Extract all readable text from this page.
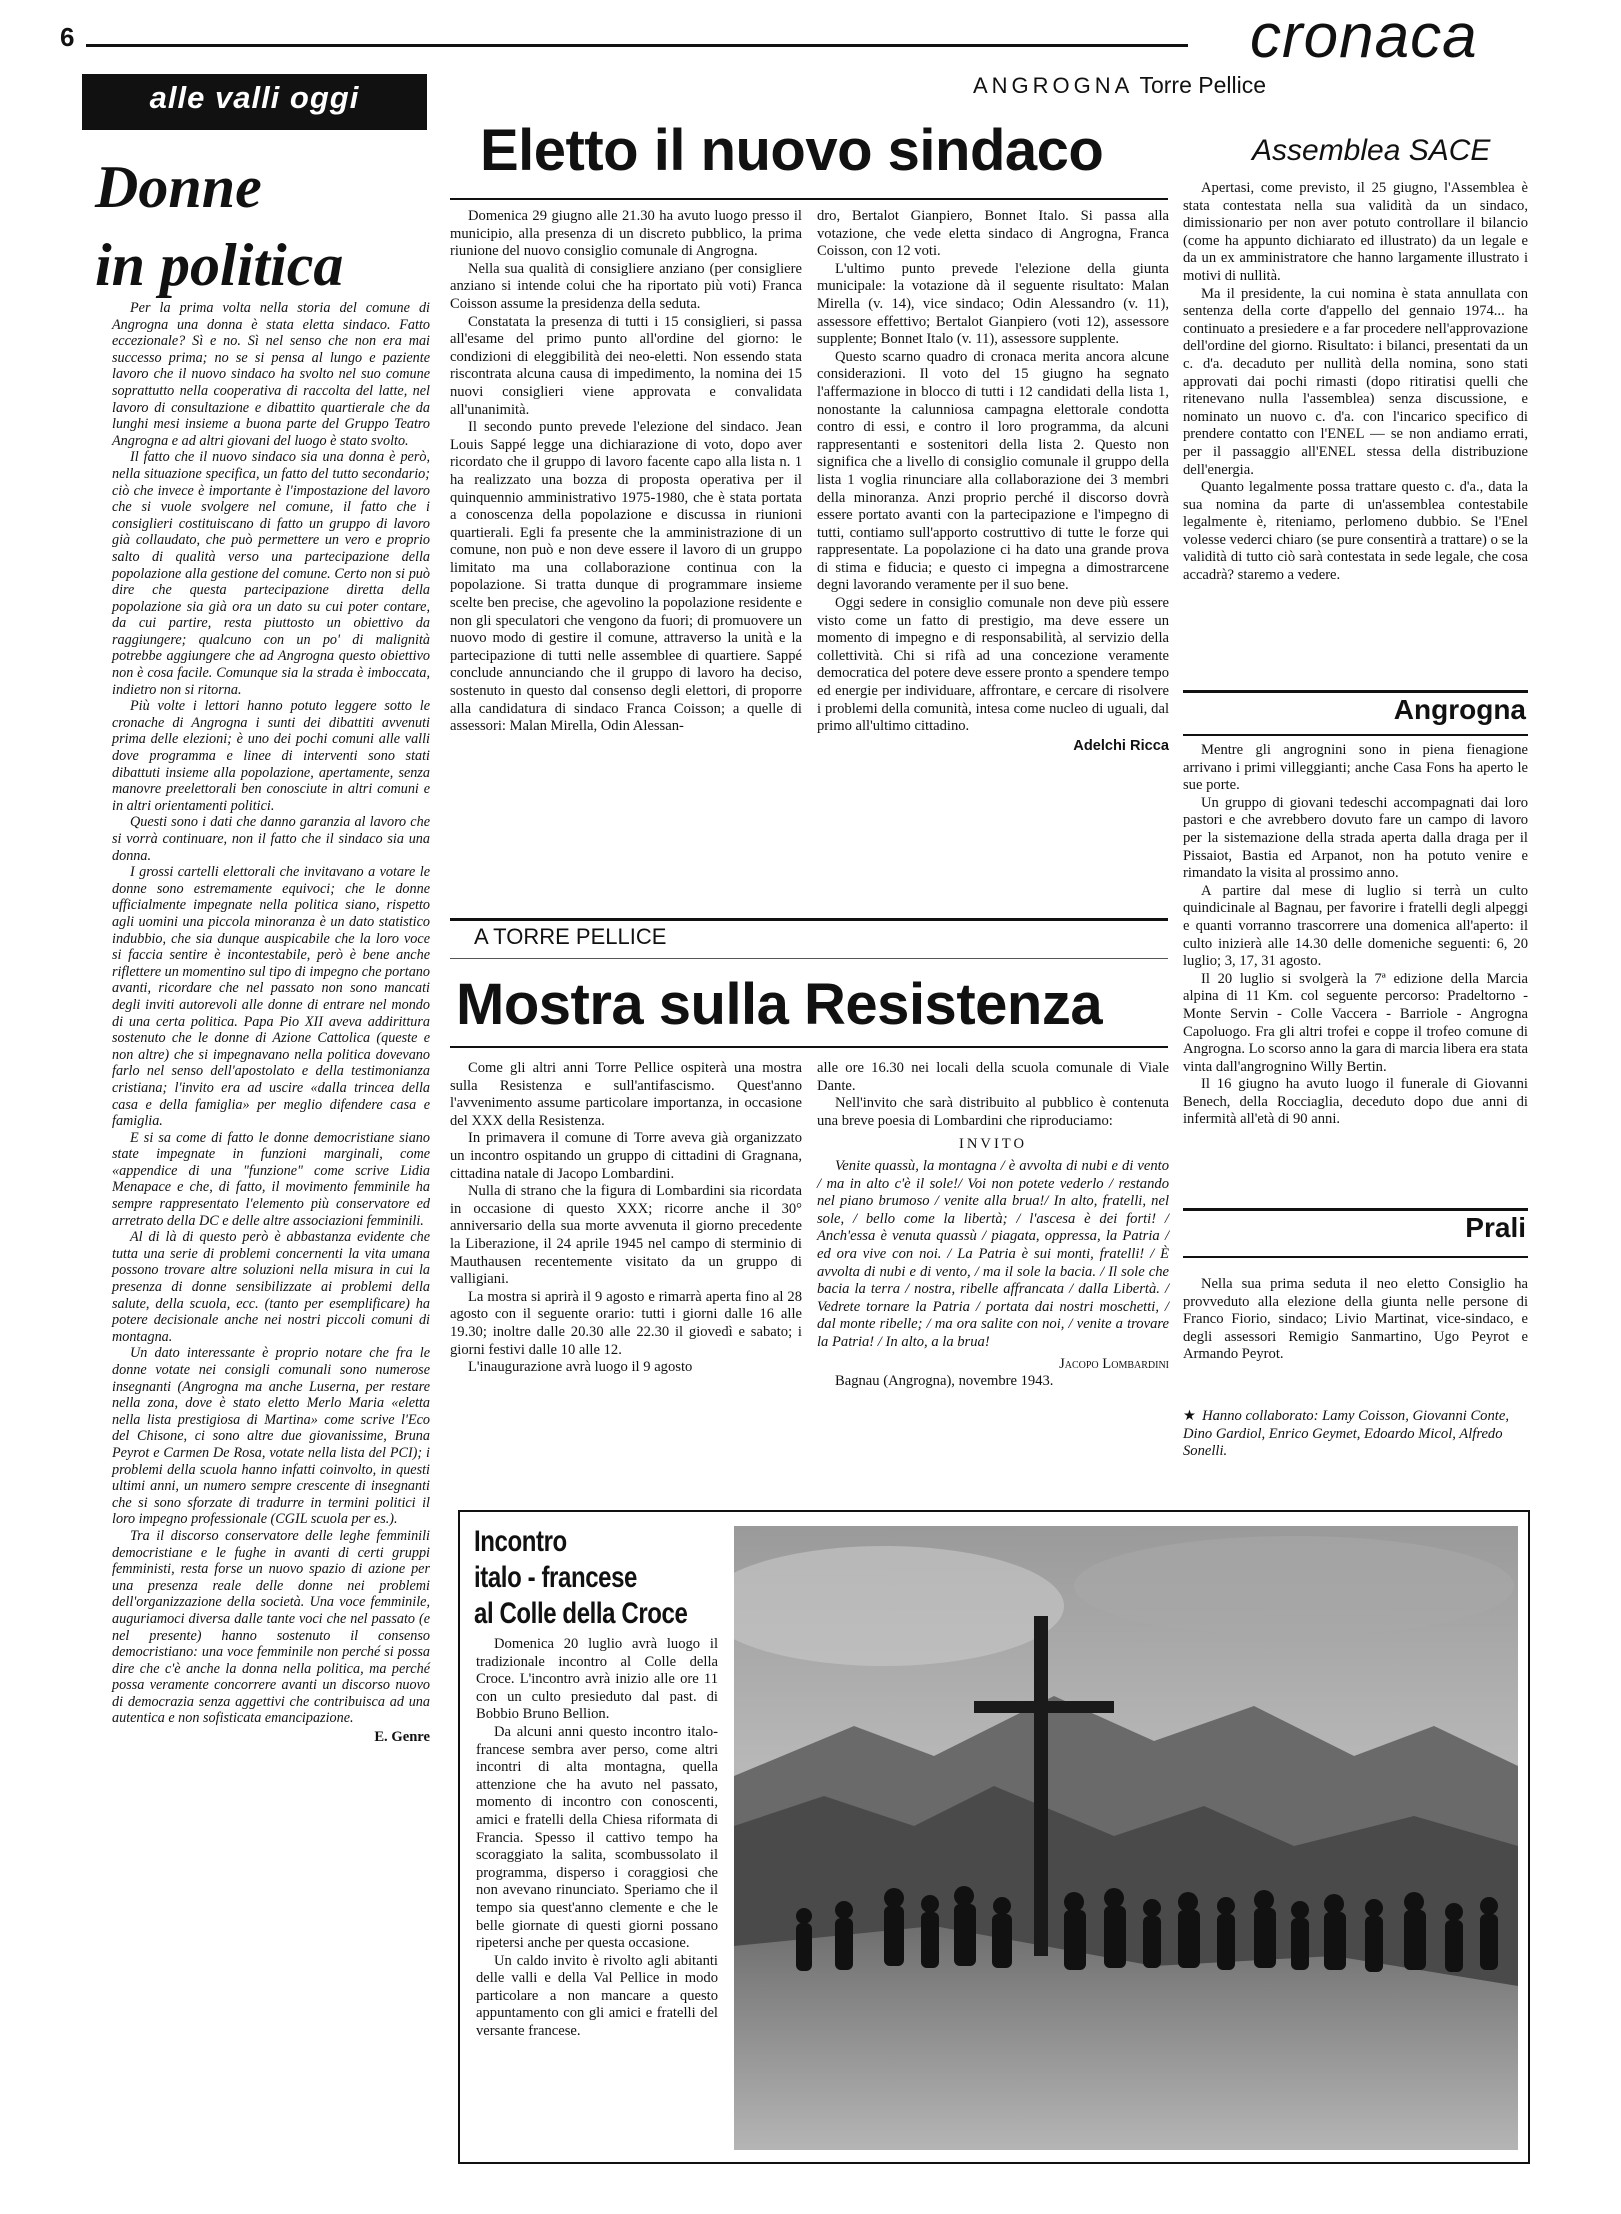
6	cronaca
ANGROGNA Torre Pellice
alle valli oggi
Donne
in politica

Per la prima volta nella storia del comune di Angrogna una donna è stata eletta sindaco. Fatto eccezionale? Sì e no. Sì nel senso che non era mai successo prima; no se si pensa al lungo e paziente lavoro che il nuovo sindaco ha svolto nel suo comune soprattutto nella cooperativa di raccolta del latte, nel lavoro di consultazione e dibattito quartierale che da lunghi mesi insieme a buona parte del Gruppo Teatro Angrogna e ad altri giovani del luogo è stato svolto.

Il fatto che il nuovo sindaco sia una donna è però, nella situazione specifica, un fatto del tutto secondario; ciò che invece è importante è l'impostazione del lavoro che si vuole svolgere nel comune, il fatto che i consiglieri costituiscano di fatto un gruppo di lavoro già collaudato, che può permettere un vero e proprio salto di qualità verso una partecipazione della popolazione alla gestione del comune. Certo non si può dire che questa partecipazione diretta della popolazione sia già ora un dato su cui poter contare, da cui partire, resta piuttosto un obiettivo da raggiungere; qualcuno con un po' di malignità potrebbe aggiungere che ad Angrogna questo obiettivo non è cosa facile. Comunque sia la strada è imboccata, indietro non si ritorna.

Più volte i lettori hanno potuto leggere sotto le cronache di Angrogna i sunti dei dibattiti avvenuti prima delle elezioni; è uno dei pochi comuni alle valli dove programma e linee di interventi sono stati dibattuti insieme alla popolazione, apertamente, senza manovre preelettorali ben conosciute in altri comuni e in altri orientamenti politici.

Questi sono i dati che danno garanzia al lavoro che si vorrà continuare, non il fatto che il sindaco sia una donna.

I grossi cartelli elettorali che invitavano a votare le donne sono estremamente equivoci; che le donne ufficialmente impegnate nella politica siano, rispetto agli uomini una piccola minoranza è un dato statistico indubbio, che sia dunque auspicabile che la loro voce si faccia sentire è incontestabile, però è bene anche riflettere un momentino sul tipo di impegno che portano avanti, ricordare che nel passato non sono mancati degli inviti autorevoli alle donne di entrare nel mondo di una certa politica. Papa Pio XII aveva addirittura sostenuto che le donne di Azione Cattolica (queste e non altre) che si impegnavano nella politica dovevano farlo nel senso dell'apostolato e della testimonianza cristiana; l'invito era ad uscire «dalla trincea della casa e della famiglia» per meglio difendere casa e famiglia.

E si sa come di fatto le donne democristiane siano state impegnate in funzioni marginali, come «appendice di una "funzione" come scrive Lidia Menapace e che, di fatto, il movimento femminile ha sempre rappresentato l'elemento più conservatore ed arretrato della DC e delle altre associazioni femminili.

Al di là di questo però è abbastanza evidente che tutta una serie di problemi concernenti la vita umana possono trovare altre soluzioni nella misura in cui la presenza di donne sensibilizzate ai problemi della salute, della scuola, ecc. (tanto per esemplificare) ha potere decisionale anche nei nostri piccoli comuni di montagna.

Un dato interessante è proprio notare che fra le donne votate nei consigli comunali sono numerose insegnanti (Angrogna ma anche Luserna, per restare nella zona, dove è stato eletto Merlo Maria «eletta nella lista prestigiosa di Martina» come scrive l'Eco del Chisone, ci sono altre due giovanissime, Bruna Peyrot e Carmen De Rosa, votate nella lista del PCI); i problemi della scuola hanno infatti coinvolto, in questi ultimi anni, un numero sempre crescente di insegnanti che si sono sforzate di tradurre in termini politici il loro impegno professionale (CGIL scuola per es.).

Tra il discorso conservatore delle leghe femminili democristiane e le fughe in avanti di certi gruppi femministi, resta forse un nuovo spazio di azione per una presenza reale delle donne nei problemi dell'organizzazione della società. Una voce femminile, auguriamoci diversa dalle tante voci che nel passato (e nel presente) hanno sostenuto il consenso democristiano: una voce femminile non perché si possa dire che c'è anche la donna nella politica, ma perché possa veramente concorrere avanti un discorso nuovo di democrazia senza aggettivi che contribuisca ad una autentica e non sofisticata emancipazione.

E. Genre
Eletto il nuovo sindaco

Domenica 29 giugno alle 21.30 ha avuto luogo presso il municipio, alla presenza di un discreto pubblico, la prima riunione del nuovo consiglio comunale di Angrogna.

Nella sua qualità di consigliere anziano (per consigliere anziano si intende colui che ha riportato più voti) Franca Coisson assume la presidenza della seduta.

Constatata la presenza di tutti i 15 consiglieri, si passa all'esame del primo punto all'ordine del giorno: le condizioni di eleggibilità dei neo-eletti. Non essendo stata riscontrata alcuna causa di impedimento, la nomina dei 15 nuovi consiglieri viene approvata e convalidata all'unanimità.

Il secondo punto prevede l'elezione del sindaco. Jean Louis Sappé legge una dichiarazione di voto, dopo aver ricordato che il gruppo di lavoro facente capo alla lista n. 1 ha realizzato una bozza di proposta operativa per il quinquennio amministrativo 1975-1980, che è stata portata a conoscenza della popolazione e discussa in riunioni quartierali. Egli fa presente che la amministrazione di un comune, non può e non deve essere il lavoro di un gruppo limitato ma una collaborazione continua con la popolazione. Si tratta dunque di programmare insieme scelte ben precise, che agevolino la popolazione residente e non gli speculatori che vengono da fuori; di promuovere un nuovo modo di gestire il comune, attraverso la unità e la partecipazione di tutti nelle assemblee di quartiere. Sappé conclude annunciando che il gruppo di lavoro ha deciso, sostenuto in questo dal consenso degli elettori, di proporre alla candidatura di sindaco Franca Coisson; a quelle di assessori: Malan Mirella, Odin Alessan-

dro, Bertalot Gianpiero, Bonnet Italo. Si passa alla votazione, che vede eletta sindaco di Angrogna, Franca Coisson, con 12 voti.

L'ultimo punto prevede l'elezione della giunta municipale: la votazione dà il seguente risultato: Malan Mirella (v. 14), vice sindaco; Odin Alessandro (v. 11), assessore effettivo; Bertalot Gianpiero (voti 12), assessore supplente; Bonnet Italo (v. 11), assessore supplente.

Questo scarno quadro di cronaca merita ancora alcune considerazioni. Il voto del 15 giugno ha segnato l'affermazione in blocco di tutti i 12 candidati della lista 1, nonostante la calunniosa campagna elettorale condotta contro di essi, e contro il loro programma, da alcuni rappresentanti e sostenitori della lista 2. Questo non significa che a livello di consiglio comunale il gruppo della lista 1 voglia rinunciare alla collaborazione dei 3 membri della minoranza. Anzi proprio perché il discorso dovrà essere portato avanti con la partecipazione e l'impegno di tutti, contiamo sull'apporto costruttivo di tutte le forze qui rappresentate. La popolazione ci ha dato una grande prova di stima e fiducia; e questo ci impegna a dimostrarcene degni lavorando veramente per il suo bene.

Oggi sedere in consiglio comunale non deve più essere visto come un fatto di prestigio, ma deve essere un momento di impegno e di responsabilità, al servizio della collettività. Chi si rifà ad una concezione veramente democratica del potere deve essere pronto a spendere tempo ed energie per individuare, affrontare, e cercare di risolvere i problemi della comunità, intesa come nucleo di uguali, dal primo all'ultimo cittadino.

Adelchi Ricca
Assemblea SACE

Apertasi, come previsto, il 25 giugno, l'Assemblea è stata contestata nella sua validità da un sindaco, dimissionario per non aver potuto controllare il bilancio (come ha appunto dichiarato ed illustrato) da un legale e da un ex amministratore che hanno largamente illustrato i motivi di nullità.

Ma il presidente, la cui nomina è stata annullata con sentenza della corte d'appello del gennaio 1974... ha continuato a presiedere e a far procedere nell'approvazione dell'ordine del giorno. Risultato: i bilanci, presentati da un c. d'a. decaduto per nullità della nomina, sono stati approvati dai pochi rimasti (dopo ritiratisi quelli che ritenevano nulla l'assemblea) senza discussione, e nominato un nuovo c. d'a. con l'incarico specifico di prendere contatto con l'ENEL — se non andiamo errati, per il passaggio all'ENEL stessa della distribuzione dell'energia.

Quanto legalmente possa trattare questo c. d'a., data la sua nomina da parte di un'assemblea contestabile legalmente è, riteniamo, perlomeno dubbio. Se l'Enel volesse vederci chiaro (se pure consentirà a trattare) o se la validità di tutto ciò sarà contestata in sede legale, che cosa accadrà? staremo a vedere.

Angrogna

Mentre gli angrognini sono in piena fienagione arrivano i primi villeggianti; anche Casa Fons ha aperto le sue porte.

Un gruppo di giovani tedeschi accompagnati dai loro pastori e che avrebbero dovuto fare un campo di lavoro per la sistemazione della strada aperta dalla draga per il Pissaiot, Bastia ed Arpanot, non ha potuto venire e rimandato la visita al prossimo anno.

A partire dal mese di luglio si terrà un culto quindicinale al Bagnau, per favorire i fratelli degli alpeggi e quanti vorranno trascorrere una domenica all'aperto: il culto inizierà alle 14.30 delle domeniche seguenti: 6, 20 luglio; 3, 17, 31 agosto.

Il 20 luglio si svolgerà la 7ª edizione della Marcia alpina di 11 Km. col seguente percorso: Pradeltorno - Monte Servin - Colle Vaccera - Barriole - Angrogna Capoluogo. Fra gli altri trofei e coppe il trofeo comune di Angrogna. Lo scorso anno la gara di marcia libera era stata vinta dall'angrognino Willy Bertin.

Il 16 giugno ha avuto luogo il funerale di Giovanni Benech, della Rocciaglia, deceduto dopo due anni di infermità all'età di 90 anni.

Prali

Nella sua prima seduta il neo eletto Consiglio ha provveduto alla elezione della giunta nelle persone di Franco Fiorio, sindaco; Livio Martinat, vice-sindaco, e degli assessori Remigio Sanmartino, Ugo Peyrot e Armando Peyrot.

★ Hanno collaborato: Lamy Coisson, Giovanni Conte, Dino Gardiol, Enrico Geymet, Edoardo Micol, Alfredo Sonelli.
A TORRE PELLICE
Mostra sulla Resistenza

Come gli altri anni Torre Pellice ospiterà una mostra sulla Resistenza e sull'antifascismo. Quest'anno l'avvenimento assume particolare importanza, in occasione del XXX della Resistenza.

In primavera il comune di Torre aveva già organizzato un incontro ospitando un gruppo di cittadini di Gragnana, cittadina natale di Jacopo Lombardini.

Nulla di strano che la figura di Lombardini sia ricordata in occasione di questo XXX; ricorre anche il 30° anniversario della sua morte avvenuta il giorno precedente la Liberazione, il 24 aprile 1945 nel campo di sterminio di Mauthausen recentemente visitato da un gruppo di valligiani.

La mostra si aprirà il 9 agosto e rimarrà aperta fino al 28 agosto con il seguente orario: tutti i giorni dalle 16 alle 19.30; inoltre dalle 20.30 alle 22.30 il giovedì e sabato; i giorni festivi dalle 10 alle 12.

L'inaugurazione avrà luogo il 9 agosto

alle ore 16.30 nei locali della scuola comunale di Viale Dante.

Nell'invito che sarà distribuito al pubblico è contenuta una breve poesia di Lombardini che riproduciamo:

INVITO
Venite quassù, la montagna / è avvolta di nubi e di vento / ma in alto c'è il sole!/ Voi non potete vederlo / restando nel piano brumoso / venite alla brua!/ In alto, fratelli, nel sole, / bello come la libertà; / l'ascesa è dei forti! / Anch'essa è venuta quassù / piagata, oppressa, la Patria / ed ora vive con noi. / La Patria è sui monti, fratelli! / È avvolta di nubi e di vento, / ma il sole la bacia. / Il sole che bacia la terra / nostra, ribelle affrancata / dalla Libertà. / Vedrete tornare la Patria / portata dai nostri moschetti, / dal monte ribelle; / ma ora salite con noi, / venite a trovare la Patria! / In alto, a la brua!
Jacopo Lombardini
Bagnau (Angrogna), novembre 1943.
Incontro
italo - francese
al Colle della Croce

Domenica 20 luglio avrà luogo il tradizionale incontro al Colle della Croce. L'incontro avrà inizio alle ore 11 con un culto presieduto dal past. di Bobbio Bruno Bellion.

Da alcuni anni questo incontro italo-francese sembra aver perso, come altri incontri di alta montagna, quella attenzione che ha avuto nel passato, momento di incontro con conoscenti, amici e fratelli della Chiesa riformata di Francia. Spesso il cattivo tempo ha scoraggiato la salita, scombussolato il programma, disperso i coraggiosi che non avevano rinunciato. Speriamo che il tempo sia quest'anno clemente e che le belle giornate di questi giorni possano ripetersi anche per questa occasione.

Un caldo invito è rivolto agli abitanti delle valli e della Val Pellice in modo particolare a non mancare a questo appuntamento con gli amici e fratelli del versante francese.
